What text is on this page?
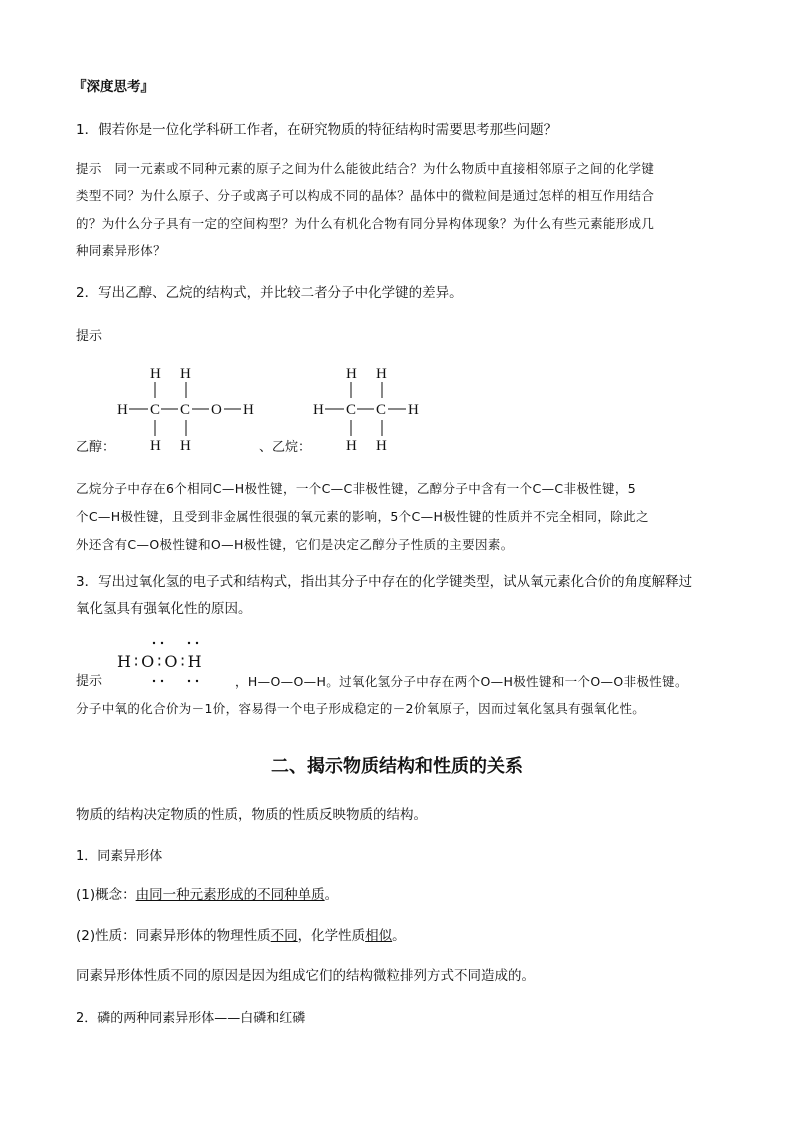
『深度思考』
1．假若你是一位化学科研工作者，在研究物质的特征结构时需要思考那些问题？
提示　同一元素或不同种元素的原子之间为什么能彼此结合？为什么物质中直接相邻原子之间的化学键
类型不同？为什么原子、分子或离子可以构成不同的晶体？晶体中的微粒间是通过怎样的相互作用结合
的？为什么分子具有一定的空间构型？为什么有机化合物有同分异构体现象？为什么有些元素能形成几
种同素异形体？
2．写出乙醇、乙烷的结构式，并比较二者分子中化学键的差异。
提示
H H
H C C O H
H H
乙醇：	、乙烷：
H H
H C C H
H H
乙烷分子中存在6个相同C—H极性键，一个C—C非极性键，乙醇分子中含有一个C—C非极性键，5
个C—H极性键，且受到非金属性很强的氧元素的影响，5个C—H极性键的性质并不完全相同，除此之
外还含有C—O极性键和O—H极性键，它们是决定乙醇分子性质的主要因素。
3．写出过氧化氢的电子式和结构式，指出其分子中存在的化学键类型，试从氧元素化合价的角度解释过
氧化氢具有强氧化性的原因。
H∶O∶O∶H
提示	，H—O—O—H。过氧化氢分子中存在两个O—H极性键和一个O—O非极性键。
分子中氧的化合价为－1价，容易得一个电子形成稳定的－2价氧原子，因而过氧化氢具有强氧化性。
二、揭示物质结构和性质的关系
物质的结构决定物质的性质，物质的性质反映物质的结构。
1．同素异形体
(1)概念：由同一种元素形成的不同种单质。
(2)性质：同素异形体的物理性质不同，化学性质相似。
同素异形体性质不同的原因是因为组成它们的结构微粒排列方式不同造成的。
2．磷的两种同素异形体——白磷和红磷
